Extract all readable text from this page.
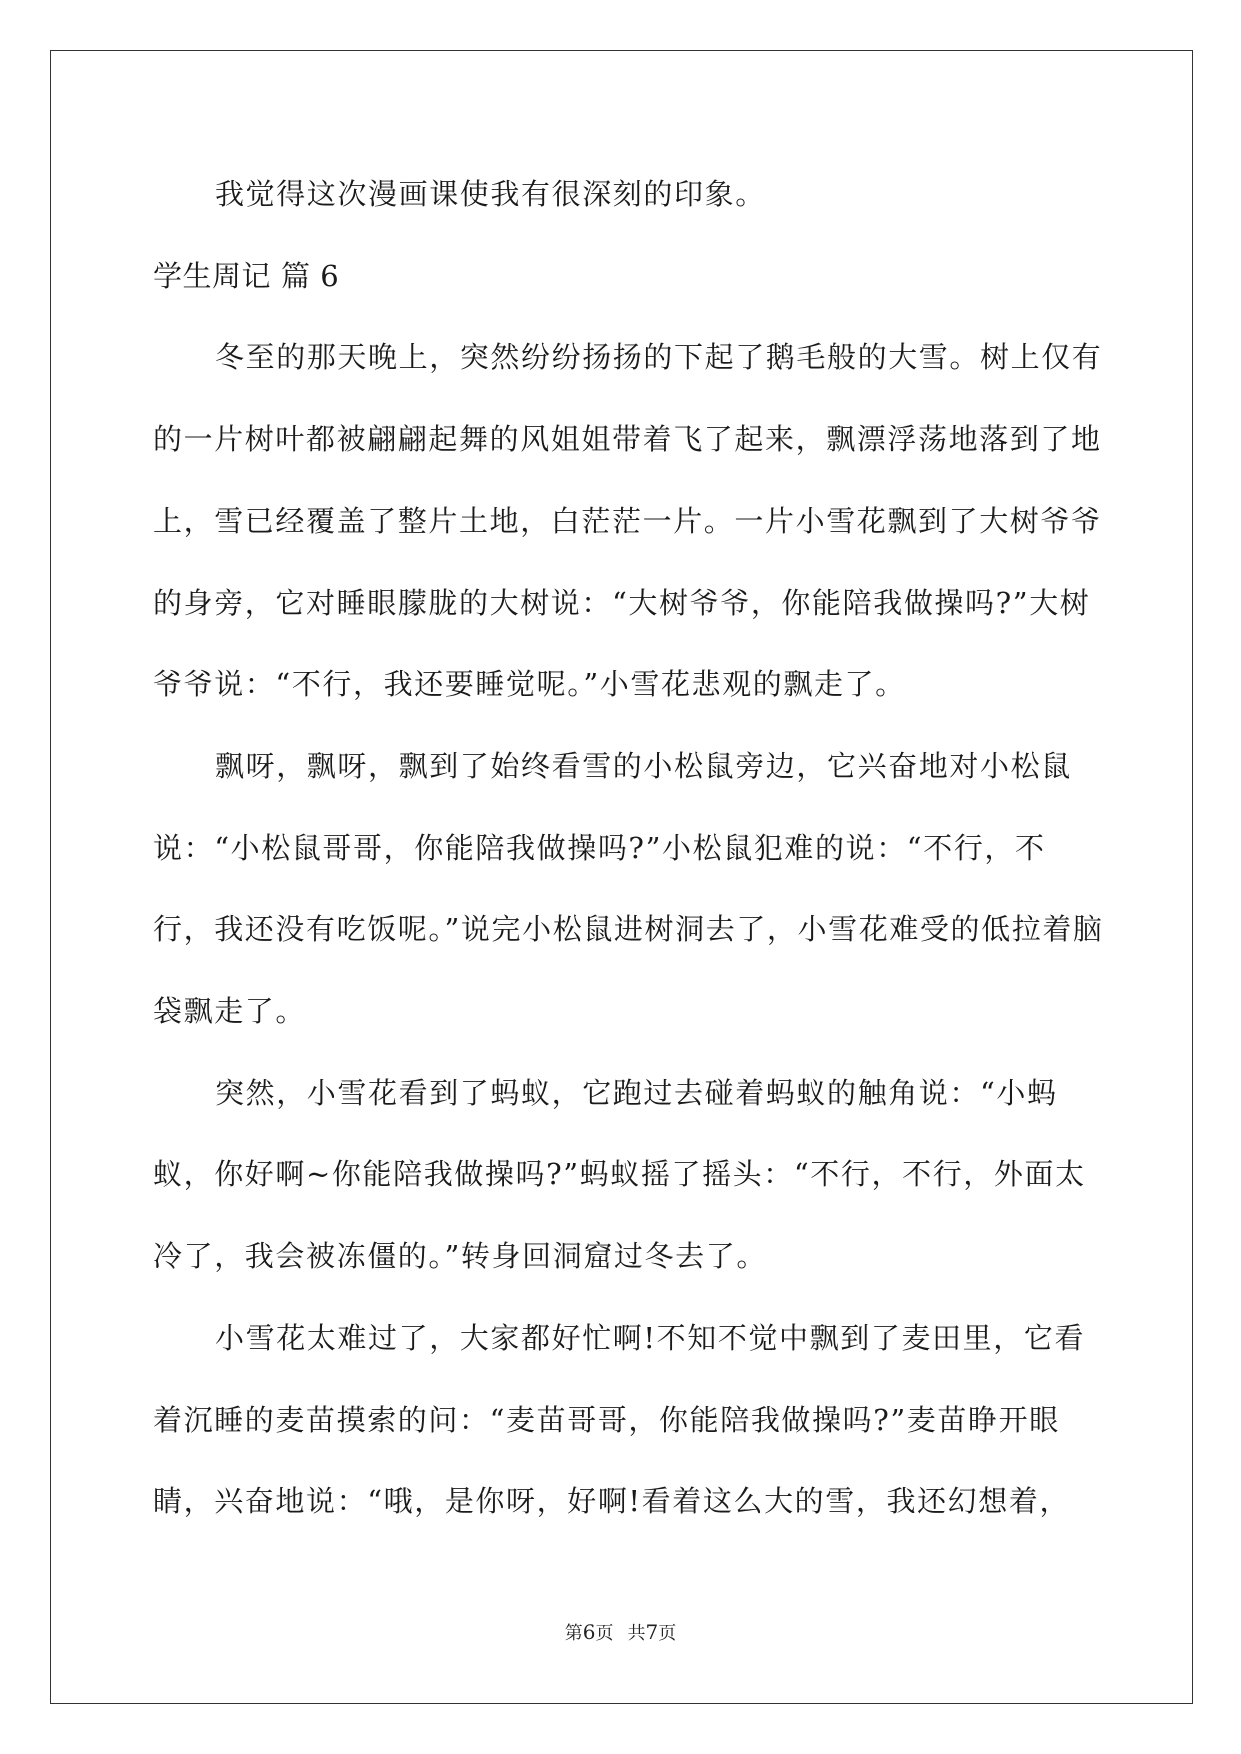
我觉得这次漫画课使我有很深刻的印象。

学生周记 篇 6

冬至的那天晚上，突然纷纷扬扬的下起了鹅毛般的大雪。树上仅有的一片树叶都被翩翩起舞的风姐姐带着飞了起来，飘漂浮荡地落到了地上，雪已经覆盖了整片土地，白茫茫一片。一片小雪花飘到了大树爷爷的身旁，它对睡眼朦胧的大树说：“大树爷爷，你能陪我做操吗?”大树爷爷说：“不行，我还要睡觉呢。”小雪花悲观的飘走了。

飘呀，飘呀，飘到了始终看雪的小松鼠旁边，它兴奋地对小松鼠说：“小松鼠哥哥，你能陪我做操吗?”小松鼠犯难的说：“不行，不行，我还没有吃饭呢。”说完小松鼠进树洞去了，小雪花难受的低拉着脑袋飘走了。

突然，小雪花看到了蚂蚁，它跑过去碰着蚂蚁的触角说：“小蚂蚁，你好啊~你能陪我做操吗?”蚂蚁摇了摇头：“不行，不行，外面太冷了，我会被冻僵的。”转身回洞窟过冬去了。

小雪花太难过了，大家都好忙啊!不知不觉中飘到了麦田里，它看着沉睡的麦苗摸索的问：“麦苗哥哥，你能陪我做操吗?”麦苗睁开眼睛，兴奋地说：“哦，是你呀，好啊!看着这么大的雪，我还幻想着，

第6页 共7页
